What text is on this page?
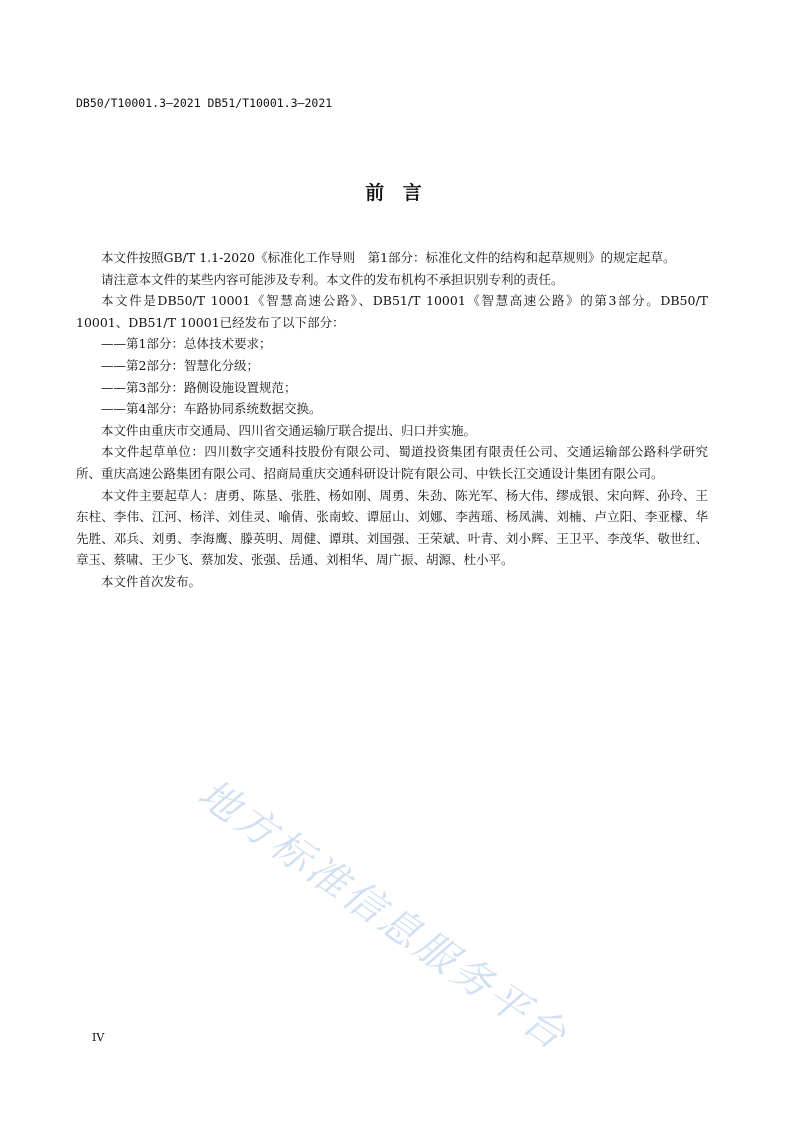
DB50/T10001.3—2021 DB51/T10001.3—2021
前 言

本文件按照GB/T 1.1-2020《标准化工作导则　第1部分：标准化文件的结构和起草规则》的规定起草。

请注意本文件的某些内容可能涉及专利。本文件的发布机构不承担识别专利的责任。

本文件是DB50/T 10001《智慧高速公路》、DB51/T 10001《智慧高速公路》的第3部分。DB50/T 10001、DB51/T 10001已经发布了以下部分：

——第1部分：总体技术要求；

——第2部分：智慧化分级；

——第3部分：路侧设施设置规范；

——第4部分：车路协同系统数据交换。

本文件由重庆市交通局、四川省交通运输厅联合提出、归口并实施。

本文件起草单位：四川数字交通科技股份有限公司、蜀道投资集团有限责任公司、交通运输部公路科学研究所、重庆高速公路集团有限公司、招商局重庆交通科研设计院有限公司、中铁长江交通设计集团有限公司。

本文件主要起草人：唐勇、陈垦、张胜、杨如刚、周勇、朱劲、陈光军、杨大伟、缪成银、宋向辉、孙玲、王东柱、李伟、江河、杨洋、刘佳灵、喻倩、张南蛟、谭屈山、刘娜、李茜瑶、杨凤满、刘楠、卢立阳、李亚檬、华先胜、邓兵、刘勇、李海鹰、滕英明、周健、谭琪、刘国强、王荣斌、叶青、刘小辉、王卫平、李茂华、敬世红、章玉、蔡啸、王少飞、蔡加发、张强、岳通、刘相华、周广振、胡源、杜小平。

本文件首次发布。

地方标准信息服务平台
IV
